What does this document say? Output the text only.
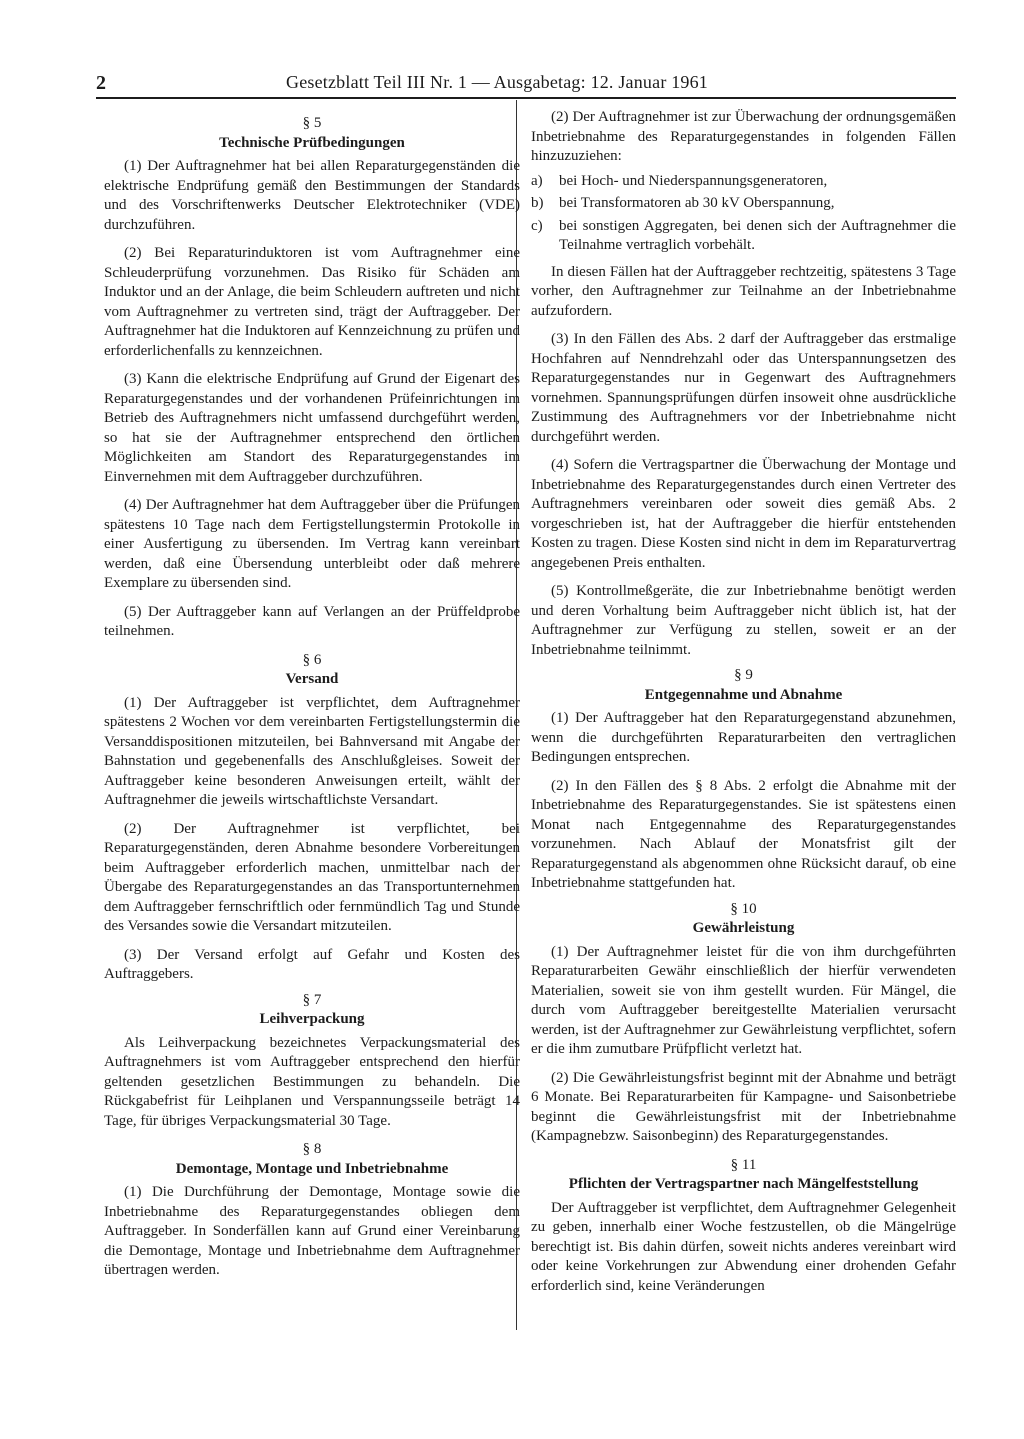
2	Gesetzblatt Teil III Nr. 1 — Ausgabetag: 12. Januar 1961
§ 5
Technische Prüfbedingungen

(1) Der Auftragnehmer hat bei allen Reparaturgegenständen die elektrische Endprüfung gemäß den Bestimmungen der Standards und des Vorschriftenwerks Deutscher Elektrotechniker (VDE) durchzuführen.

(2) Bei Reparaturinduktoren ist vom Auftragnehmer eine Schleuderprüfung vorzunehmen. Das Risiko für Schäden am Induktor und an der Anlage, die beim Schleudern auftreten und nicht vom Auftragnehmer zu vertreten sind, trägt der Auftraggeber. Der Auftragnehmer hat die Induktoren auf Kennzeichnung zu prüfen und erforderlichenfalls zu kennzeichnen.

(3) Kann die elektrische Endprüfung auf Grund der Eigenart des Reparaturgegenstandes und der vorhandenen Prüfeinrichtungen im Betrieb des Auftragnehmers nicht umfassend durchgeführt werden, so hat sie der Auftragnehmer entsprechend den örtlichen Möglichkeiten am Standort des Reparaturgegenstandes im Einvernehmen mit dem Auftraggeber durchzuführen.

(4) Der Auftragnehmer hat dem Auftraggeber über die Prüfungen spätestens 10 Tage nach dem Fertigstellungstermin Protokolle in einer Ausfertigung zu übersenden. Im Vertrag kann vereinbart werden, daß eine Übersendung unterbleibt oder daß mehrere Exemplare zu übersenden sind.

(5) Der Auftraggeber kann auf Verlangen an der Prüffeldprobe teilnehmen.

§ 6
Versand

(1) Der Auftraggeber ist verpflichtet, dem Auftragnehmer spätestens 2 Wochen vor dem vereinbarten Fertigstellungstermin die Versanddispositionen mitzuteilen, bei Bahnversand mit Angabe der Bahnstation und gegebenenfalls des Anschlußgleises. Soweit der Auftraggeber keine besonderen Anweisungen erteilt, wählt der Auftragnehmer die jeweils wirtschaftlichste Versandart.

(2) Der Auftragnehmer ist verpflichtet, bei Reparaturgegenständen, deren Abnahme besondere Vorbereitungen beim Auftraggeber erforderlich machen, unmittelbar nach der Übergabe des Reparaturgegenstandes an das Transportunternehmen dem Auftraggeber fernschriftlich oder fernmündlich Tag und Stunde des Versandes sowie die Versandart mitzuteilen.

(3) Der Versand erfolgt auf Gefahr und Kosten des Auftraggebers.

§ 7
Leihverpackung

Als Leihverpackung bezeichnetes Verpackungsmaterial des Auftragnehmers ist vom Auftraggeber entsprechend den hierfür geltenden gesetzlichen Bestimmungen zu behandeln. Die Rückgabefrist für Leihplanen und Verspannungsseile beträgt 14 Tage, für übriges Verpackungsmaterial 30 Tage.

§ 8
Demontage, Montage und Inbetriebnahme

(1) Die Durchführung der Demontage, Montage sowie die Inbetriebnahme des Reparaturgegenstandes obliegen dem Auftraggeber. In Sonderfällen kann auf Grund einer Vereinbarung die Demontage, Montage und Inbetriebnahme dem Auftragnehmer übertragen werden.

(2) Der Auftragnehmer ist zur Überwachung der ordnungsgemäßen Inbetriebnahme des Reparaturgegenstandes in folgenden Fällen hinzuzuziehen:

a)	bei Hoch- und Niederspannungsgeneratoren,
b)	bei Transformatoren ab 30 kV Oberspannung,
c)	bei sonstigen Aggregaten, bei denen sich der Auftragnehmer die Teilnahme vertraglich vorbehält.

In diesen Fällen hat der Auftraggeber rechtzeitig, spätestens 3 Tage vorher, den Auftragnehmer zur Teilnahme an der Inbetriebnahme aufzufordern.

(3) In den Fällen des Abs. 2 darf der Auftraggeber das erstmalige Hochfahren auf Nenndrehzahl oder das Unterspannungsetzen des Reparaturgegenstandes nur in Gegenwart des Auftragnehmers vornehmen. Spannungsprüfungen dürfen insoweit ohne ausdrückliche Zustimmung des Auftragnehmers vor der Inbetriebnahme nicht durchgeführt werden.

(4) Sofern die Vertragspartner die Überwachung der Montage und Inbetriebnahme des Reparaturgegenstandes durch einen Vertreter des Auftragnehmers vereinbaren oder soweit dies gemäß Abs. 2 vorgeschrieben ist, hat der Auftraggeber die hierfür entstehenden Kosten zu tragen. Diese Kosten sind nicht in dem im Reparaturvertrag angegebenen Preis enthalten.

(5) Kontrollmeßgeräte, die zur Inbetriebnahme benötigt werden und deren Vorhaltung beim Auftraggeber nicht üblich ist, hat der Auftragnehmer zur Verfügung zu stellen, soweit er an der Inbetriebnahme teilnimmt.

§ 9
Entgegennahme und Abnahme

(1) Der Auftraggeber hat den Reparaturgegenstand abzunehmen, wenn die durchgeführten Reparaturarbeiten den vertraglichen Bedingungen entsprechen.

(2) In den Fällen des § 8 Abs. 2 erfolgt die Abnahme mit der Inbetriebnahme des Reparaturgegenstandes. Sie ist spätestens einen Monat nach Entgegennahme des Reparaturgegenstandes vorzunehmen. Nach Ablauf der Monatsfrist gilt der Reparaturgegenstand als abgenommen ohne Rücksicht darauf, ob eine Inbetriebnahme stattgefunden hat.

§ 10
Gewährleistung

(1) Der Auftragnehmer leistet für die von ihm durchgeführten Reparaturarbeiten Gewähr einschließlich der hierfür verwendeten Materialien, soweit sie von ihm gestellt wurden. Für Mängel, die durch vom Auftraggeber bereitgestellte Materialien verursacht werden, ist der Auftragnehmer zur Gewährleistung verpflichtet, sofern er die ihm zumutbare Prüfpflicht verletzt hat.

(2) Die Gewährleistungsfrist beginnt mit der Abnahme und beträgt 6 Monate. Bei Reparaturarbeiten für Kampagne- und Saisonbetriebe beginnt die Gewährleistungsfrist mit der Inbetriebnahme (Kampagnebzw. Saisonbeginn) des Reparaturgegenstandes.

§ 11
Pflichten der Vertragspartner nach Mängelfeststellung

Der Auftraggeber ist verpflichtet, dem Auftragnehmer Gelegenheit zu geben, innerhalb einer Woche festzustellen, ob die Mängelrüge berechtigt ist. Bis dahin dürfen, soweit nichts anderes vereinbart wird oder keine Vorkehrungen zur Abwendung einer drohenden Gefahr erforderlich sind, keine Veränderungen
